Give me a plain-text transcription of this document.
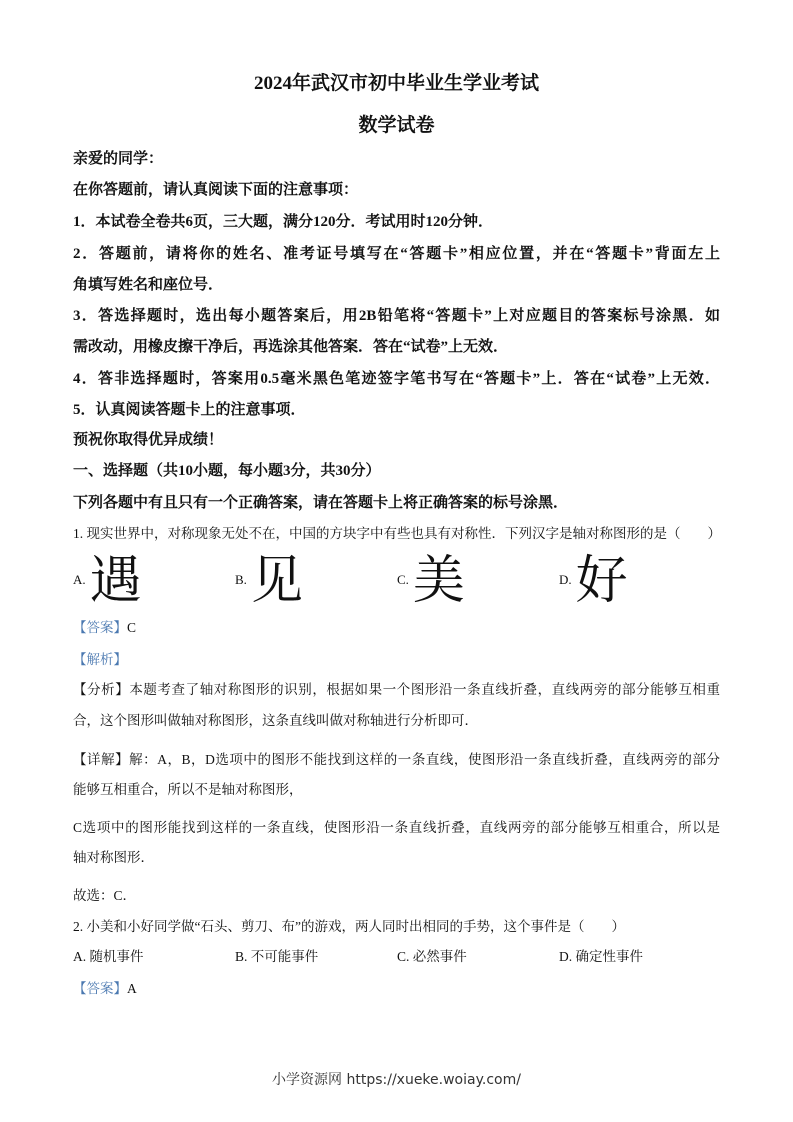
2024年武汉市初中毕业生学业考试
数学试卷
亲爱的同学：
在你答题前，请认真阅读下面的注意事项：
1．本试卷全卷共6页，三大题，满分120分．考试用时120分钟．
2．答题前，请将你的姓名、准考证号填写在“答题卡”相应位置，并在“答题卡”背面左上
角填写姓名和座位号．
3．答选择题时，选出每小题答案后，用2B铅笔将“答题卡”上对应题目的答案标号涂黑．如
需改动，用橡皮擦干净后，再选涂其他答案．答在“试卷”上无效．
4．答非选择题时，答案用0.5毫米黑色笔迹签字笔书写在“答题卡”上．答在“试卷”上无效．
5．认真阅读答题卡上的注意事项．
预祝你取得优异成绩！
一、选择题（共10小题，每小题3分，共30分）
下列各题中有且只有一个正确答案，请在答题卡上将正确答案的标号涂黑．
1. 现实世界中，对称现象无处不在，中国的方块字中有些也具有对称性．下列汉字是轴对称图形的是（　　）
A.遇	B.见	C.美	D.好
【答案】C
【解析】
【分析】本题考查了轴对称图形的识别，根据如果一个图形沿一条直线折叠，直线两旁的部分能够互相重
合，这个图形叫做轴对称图形，这条直线叫做对称轴进行分析即可．
【详解】解：A，B，D选项中的图形不能找到这样的一条直线，使图形沿一条直线折叠，直线两旁的部分
能够互相重合，所以不是轴对称图形，
C选项中的图形能找到这样的一条直线，使图形沿一条直线折叠，直线两旁的部分能够互相重合，所以是
轴对称图形．
故选：C．
2. 小美和小好同学做“石头、剪刀、布”的游戏，两人同时出相同的手势，这个事件是（　　）
A. 随机事件	B. 不可能事件	C. 必然事件	D. 确定性事件
【答案】A
小学资源网 https://xueke.woiay.com/
